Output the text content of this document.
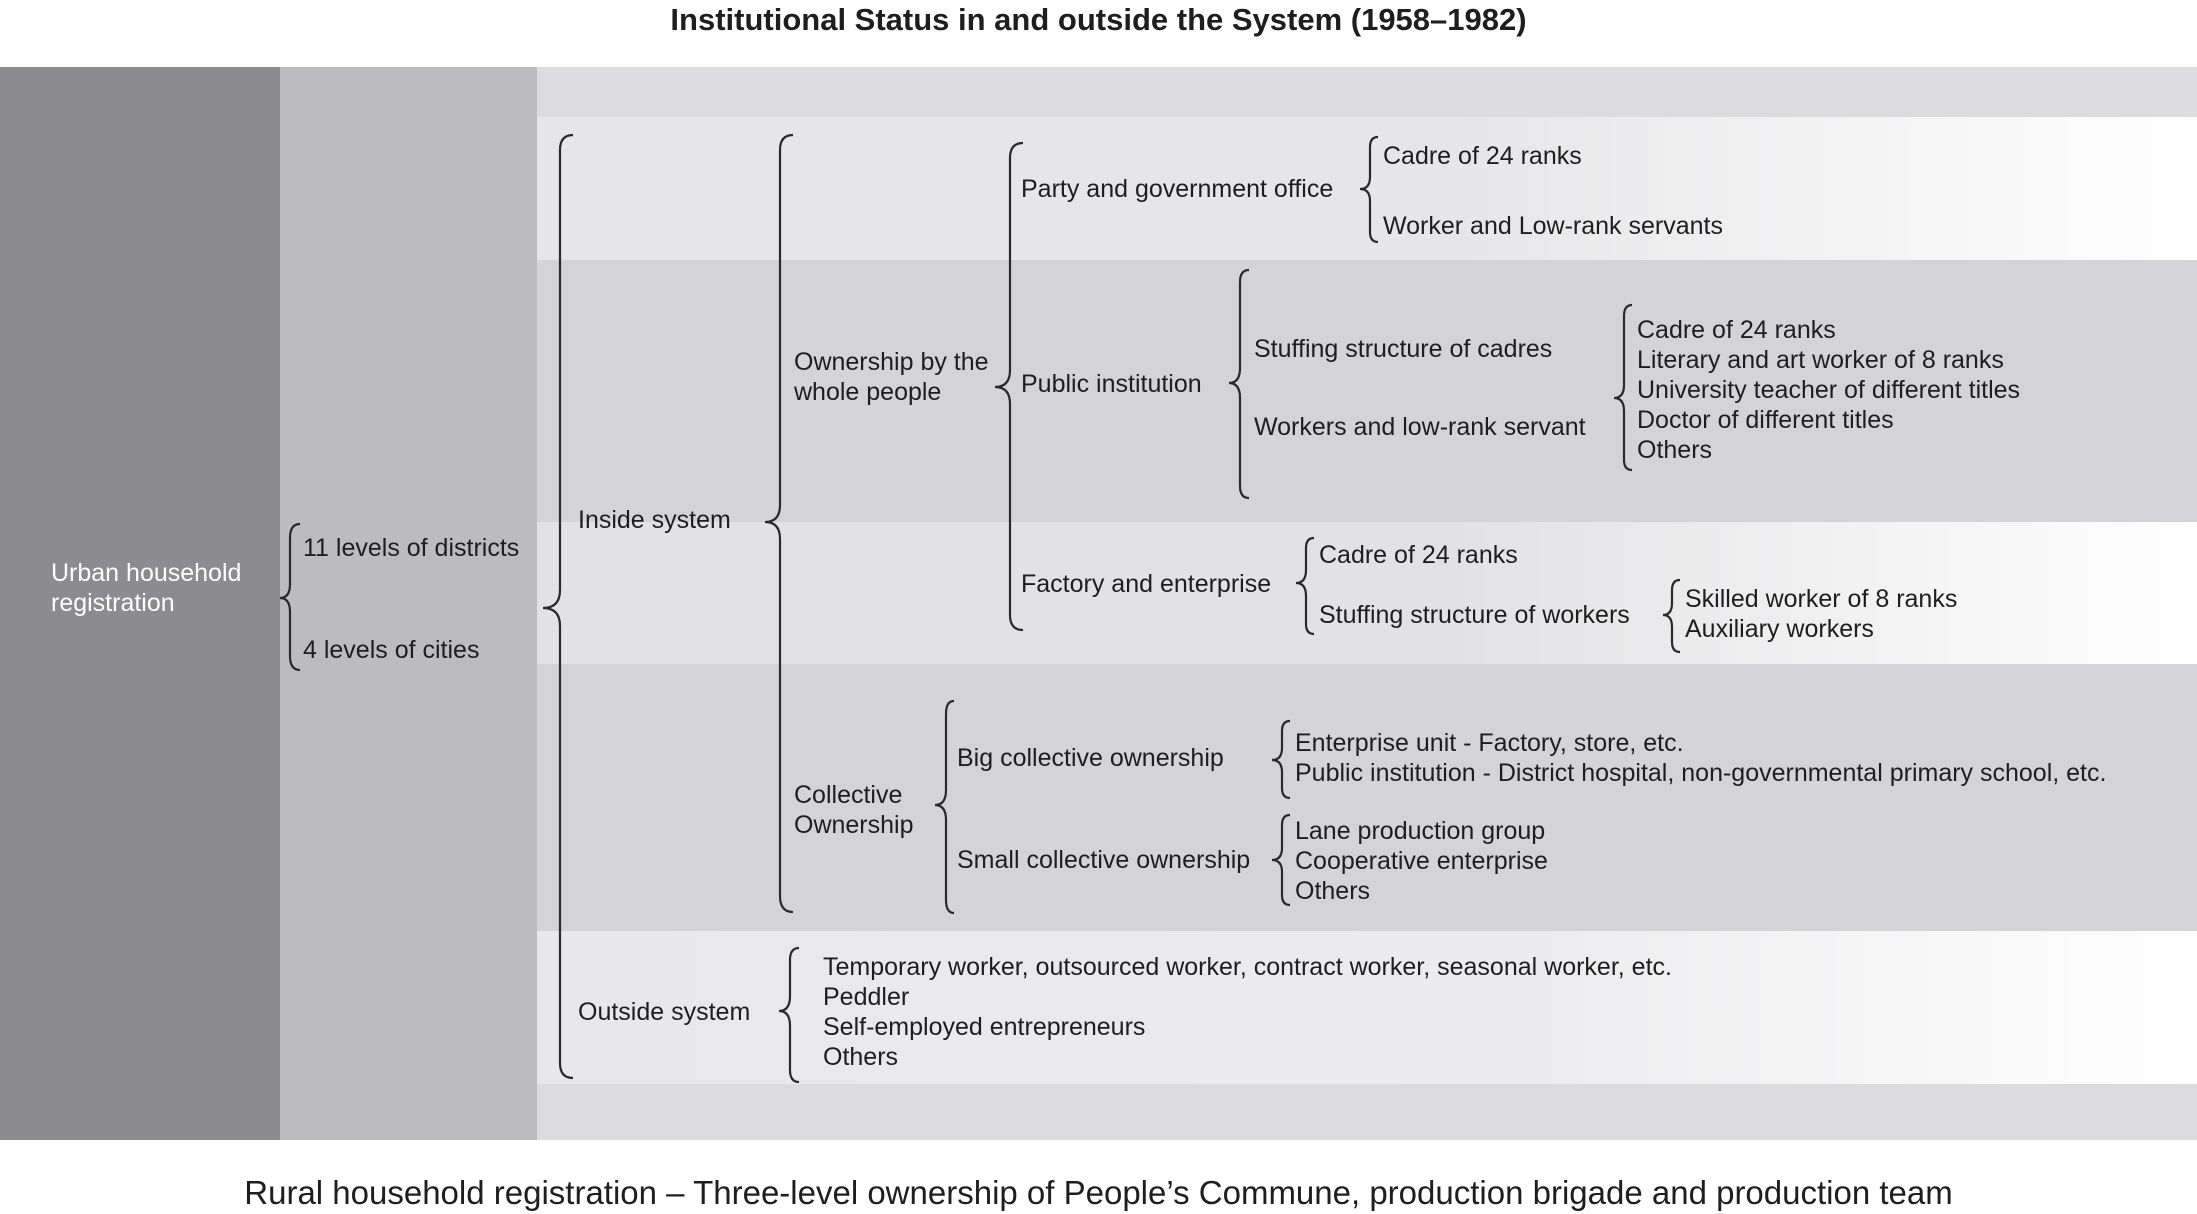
Institutional Status in and outside the System (1958–1982)
Urban household
registration
11 levels of districts
4 levels of cities
Inside system
Outside system
Ownership by the
whole people
Collective
Ownership
Party and government office
Public institution
Factory and enterprise
Big collective ownership
Small collective ownership
Cadre of 24 ranks
Worker and Low-rank servants
Stuffing structure of cadres
Workers and low-rank servant
Cadre of 24 ranks
Literary and art worker of 8 ranks
University teacher of different titles
Doctor of different titles
Others
Cadre of 24 ranks
Stuffing structure of workers
Skilled worker of 8 ranks
Auxiliary workers
Enterprise unit - Factory, store, etc.
Public institution - District hospital, non-governmental primary school, etc.
Lane production group
Cooperative enterprise
Others
Temporary worker, outsourced worker, contract worker, seasonal worker, etc.
Peddler
Self-employed entrepreneurs
Others
Rural household registration – Three-level ownership of People’s Commune, production brigade and production team
